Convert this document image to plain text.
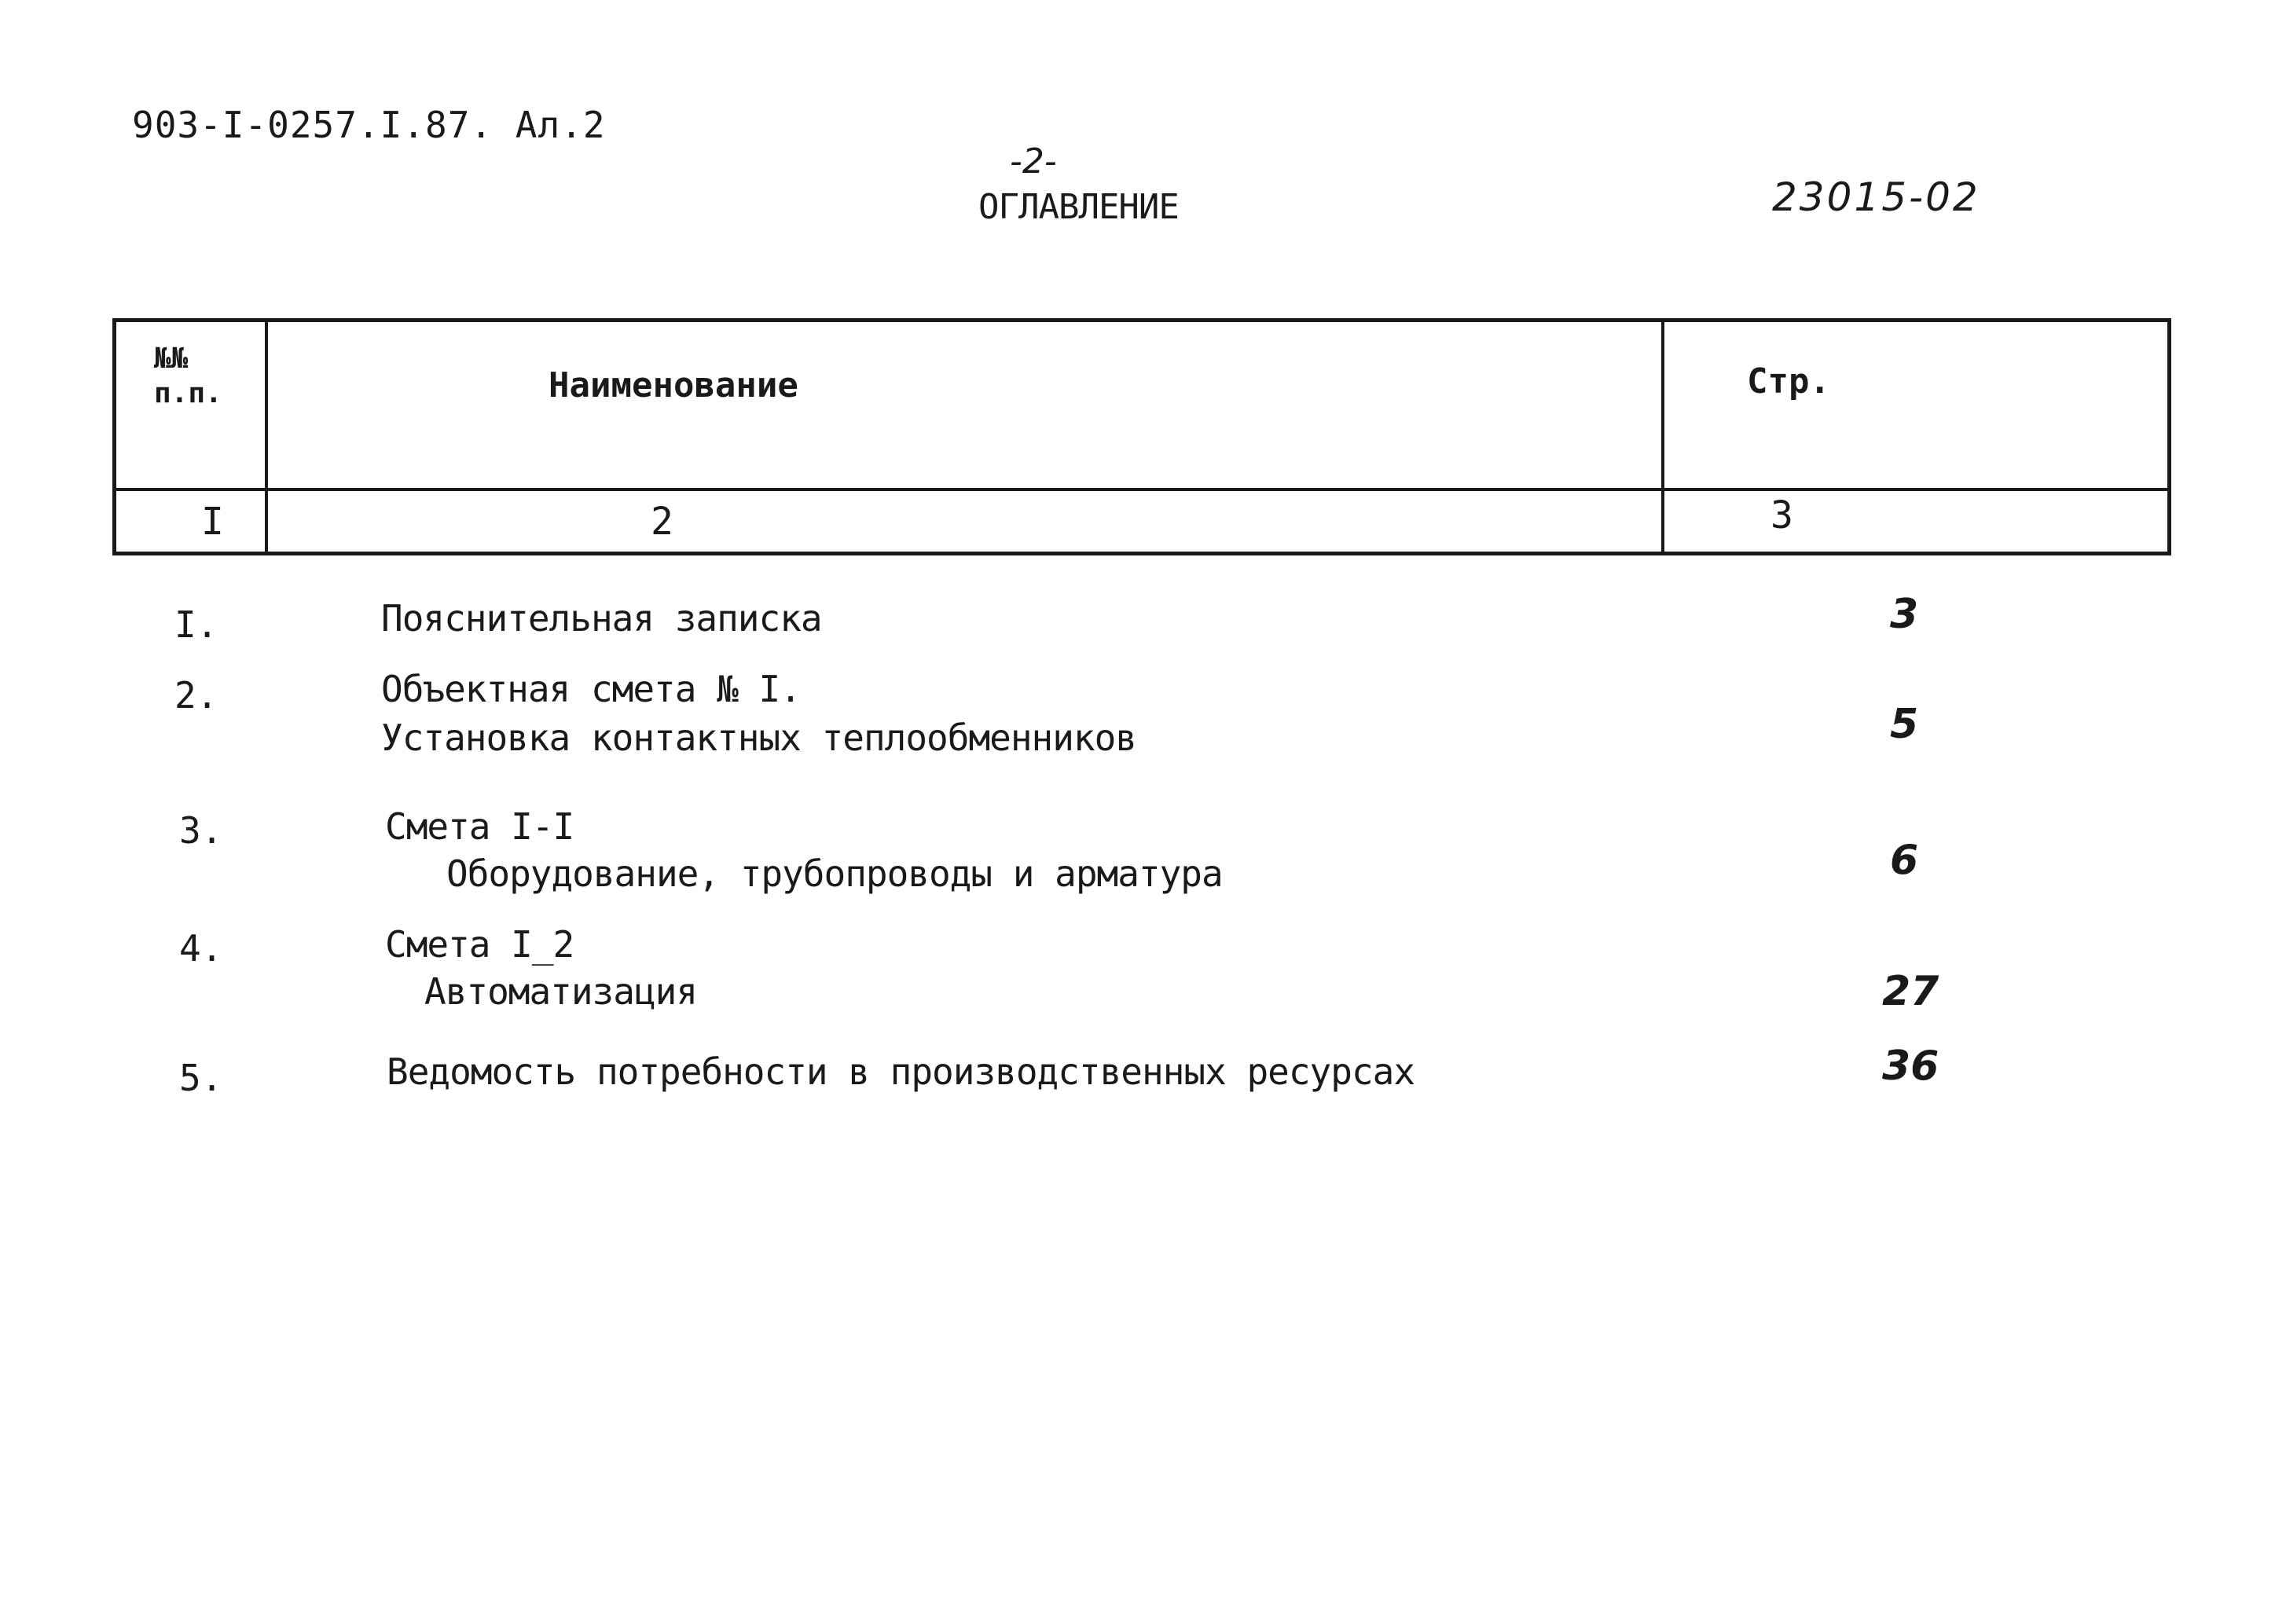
903-I-0257.I.87. Ал.2
-2-
ОГЛАВЛЕНИЕ	23015-02
№№
п.п.	Наименование	Стр.
I	2	3
I.	Пояснительная записка	3
2.	Объектная смета № I.
Установка контактных теплообменников	5
3.	Смета I-I
Оборудование, трубопроводы и арматура	6
4.	Смета I_2
Автоматизация	27
5.	Ведомость потребности в производственных ресурсах	36
